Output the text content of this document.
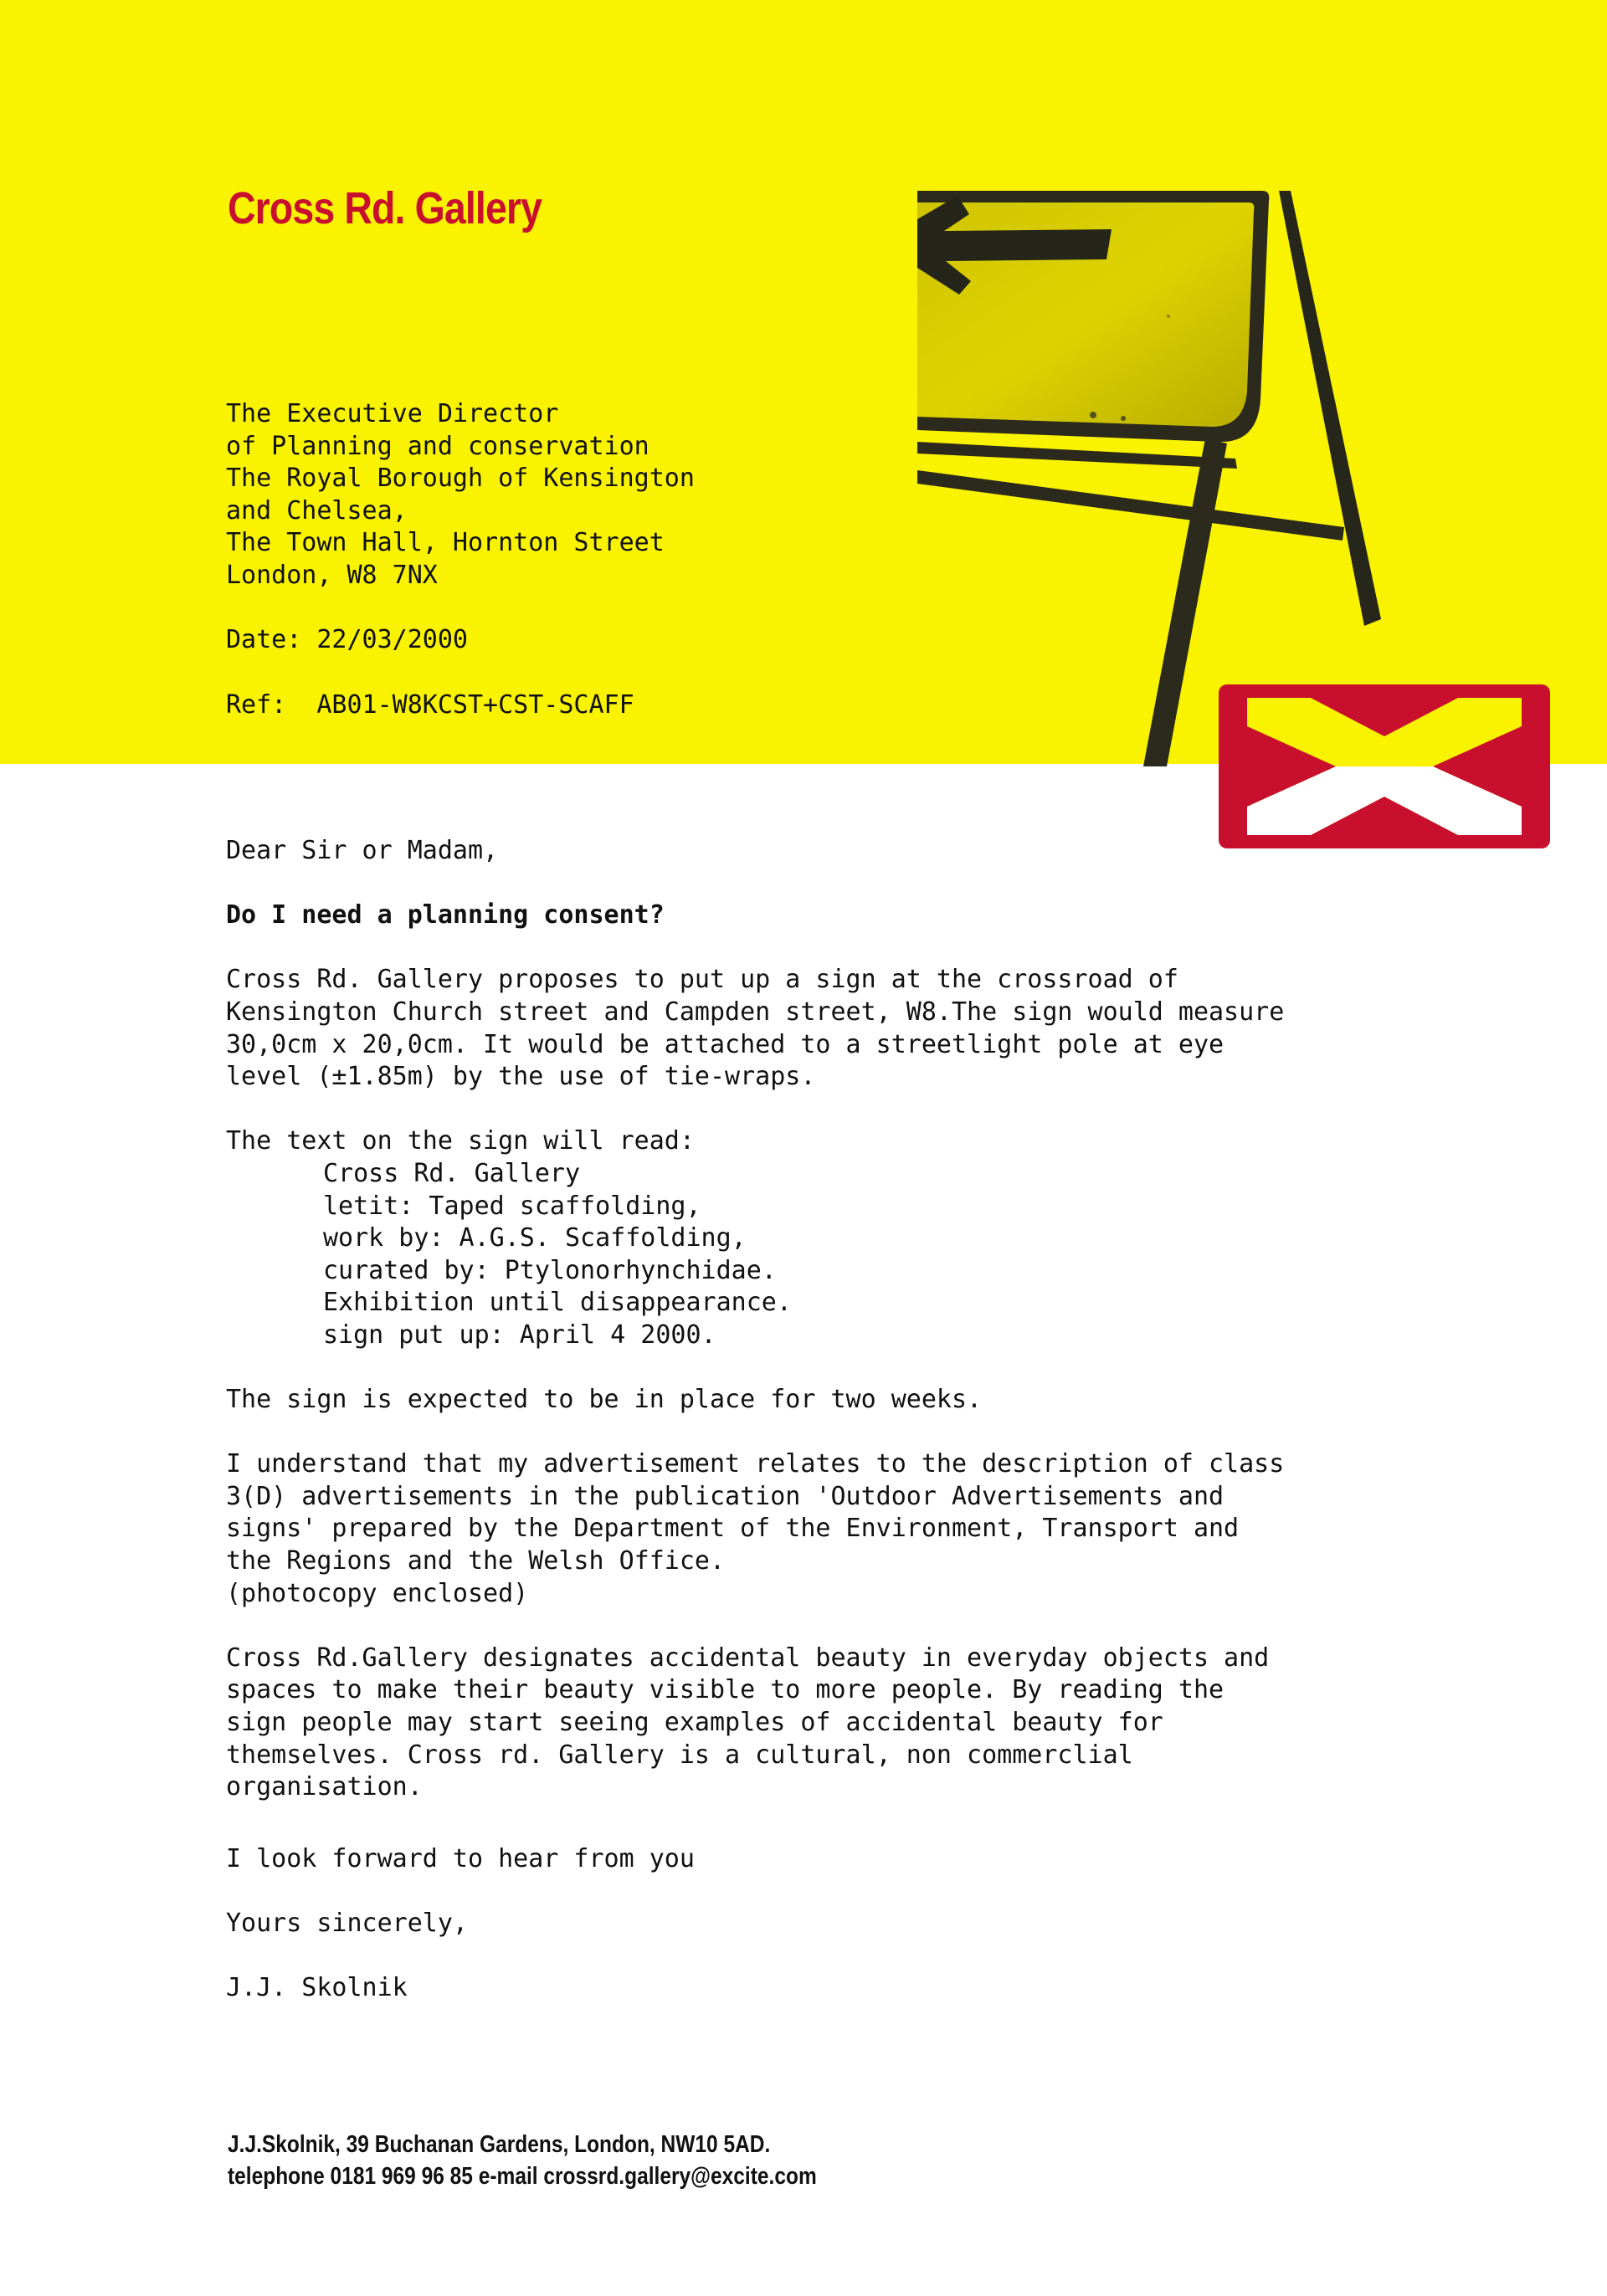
Cross Rd. Gallery
The Executive Director
of Planning and conservation
The Royal Borough of Kensington
and Chelsea,
The Town Hall, Hornton Street
London, W8 7NX
Date: 22/03/2000
Ref:  AB01-W8KCST+CST-SCAFF
Dear Sir or Madam,

Do I need a planning consent?

Cross Rd. Gallery proposes to put up a sign at the crossroad of
Kensington Church street and Campden street, W8.The sign would measure
30,0cm x 20,0cm. It would be attached to a streetlight pole at eye
level (±1.85m) by the use of tie-wraps.

The text on the sign will read:
Cross Rd. Gallery
letit: Taped scaffolding,
work by: A.G.S. Scaffolding,
curated by: Ptylonorhynchidae.
Exhibition until disappearance.
sign put up: April 4 2000.

The sign is expected to be in place for two weeks.

I understand that my advertisement relates to the description of class
3(D) advertisements in the publication 'Outdoor Advertisements and
signs' prepared by the Department of the Environment, Transport and
the Regions and the Welsh Office.
(photocopy enclosed)

Cross Rd.Gallery designates accidental beauty in everyday objects and
spaces to make their beauty visible to more people. By reading the
sign people may start seeing examples of accidental beauty for
themselves. Cross rd. Gallery is a cultural, non commerclial
organisation.
I look forward to hear from you

Yours sincerely,

J.J. Skolnik
J.J.Skolnik, 39 Buchanan Gardens, London, NW10 5AD.
telephone 0181 969 96 85 e-mail crossrd.gallery@excite.com
